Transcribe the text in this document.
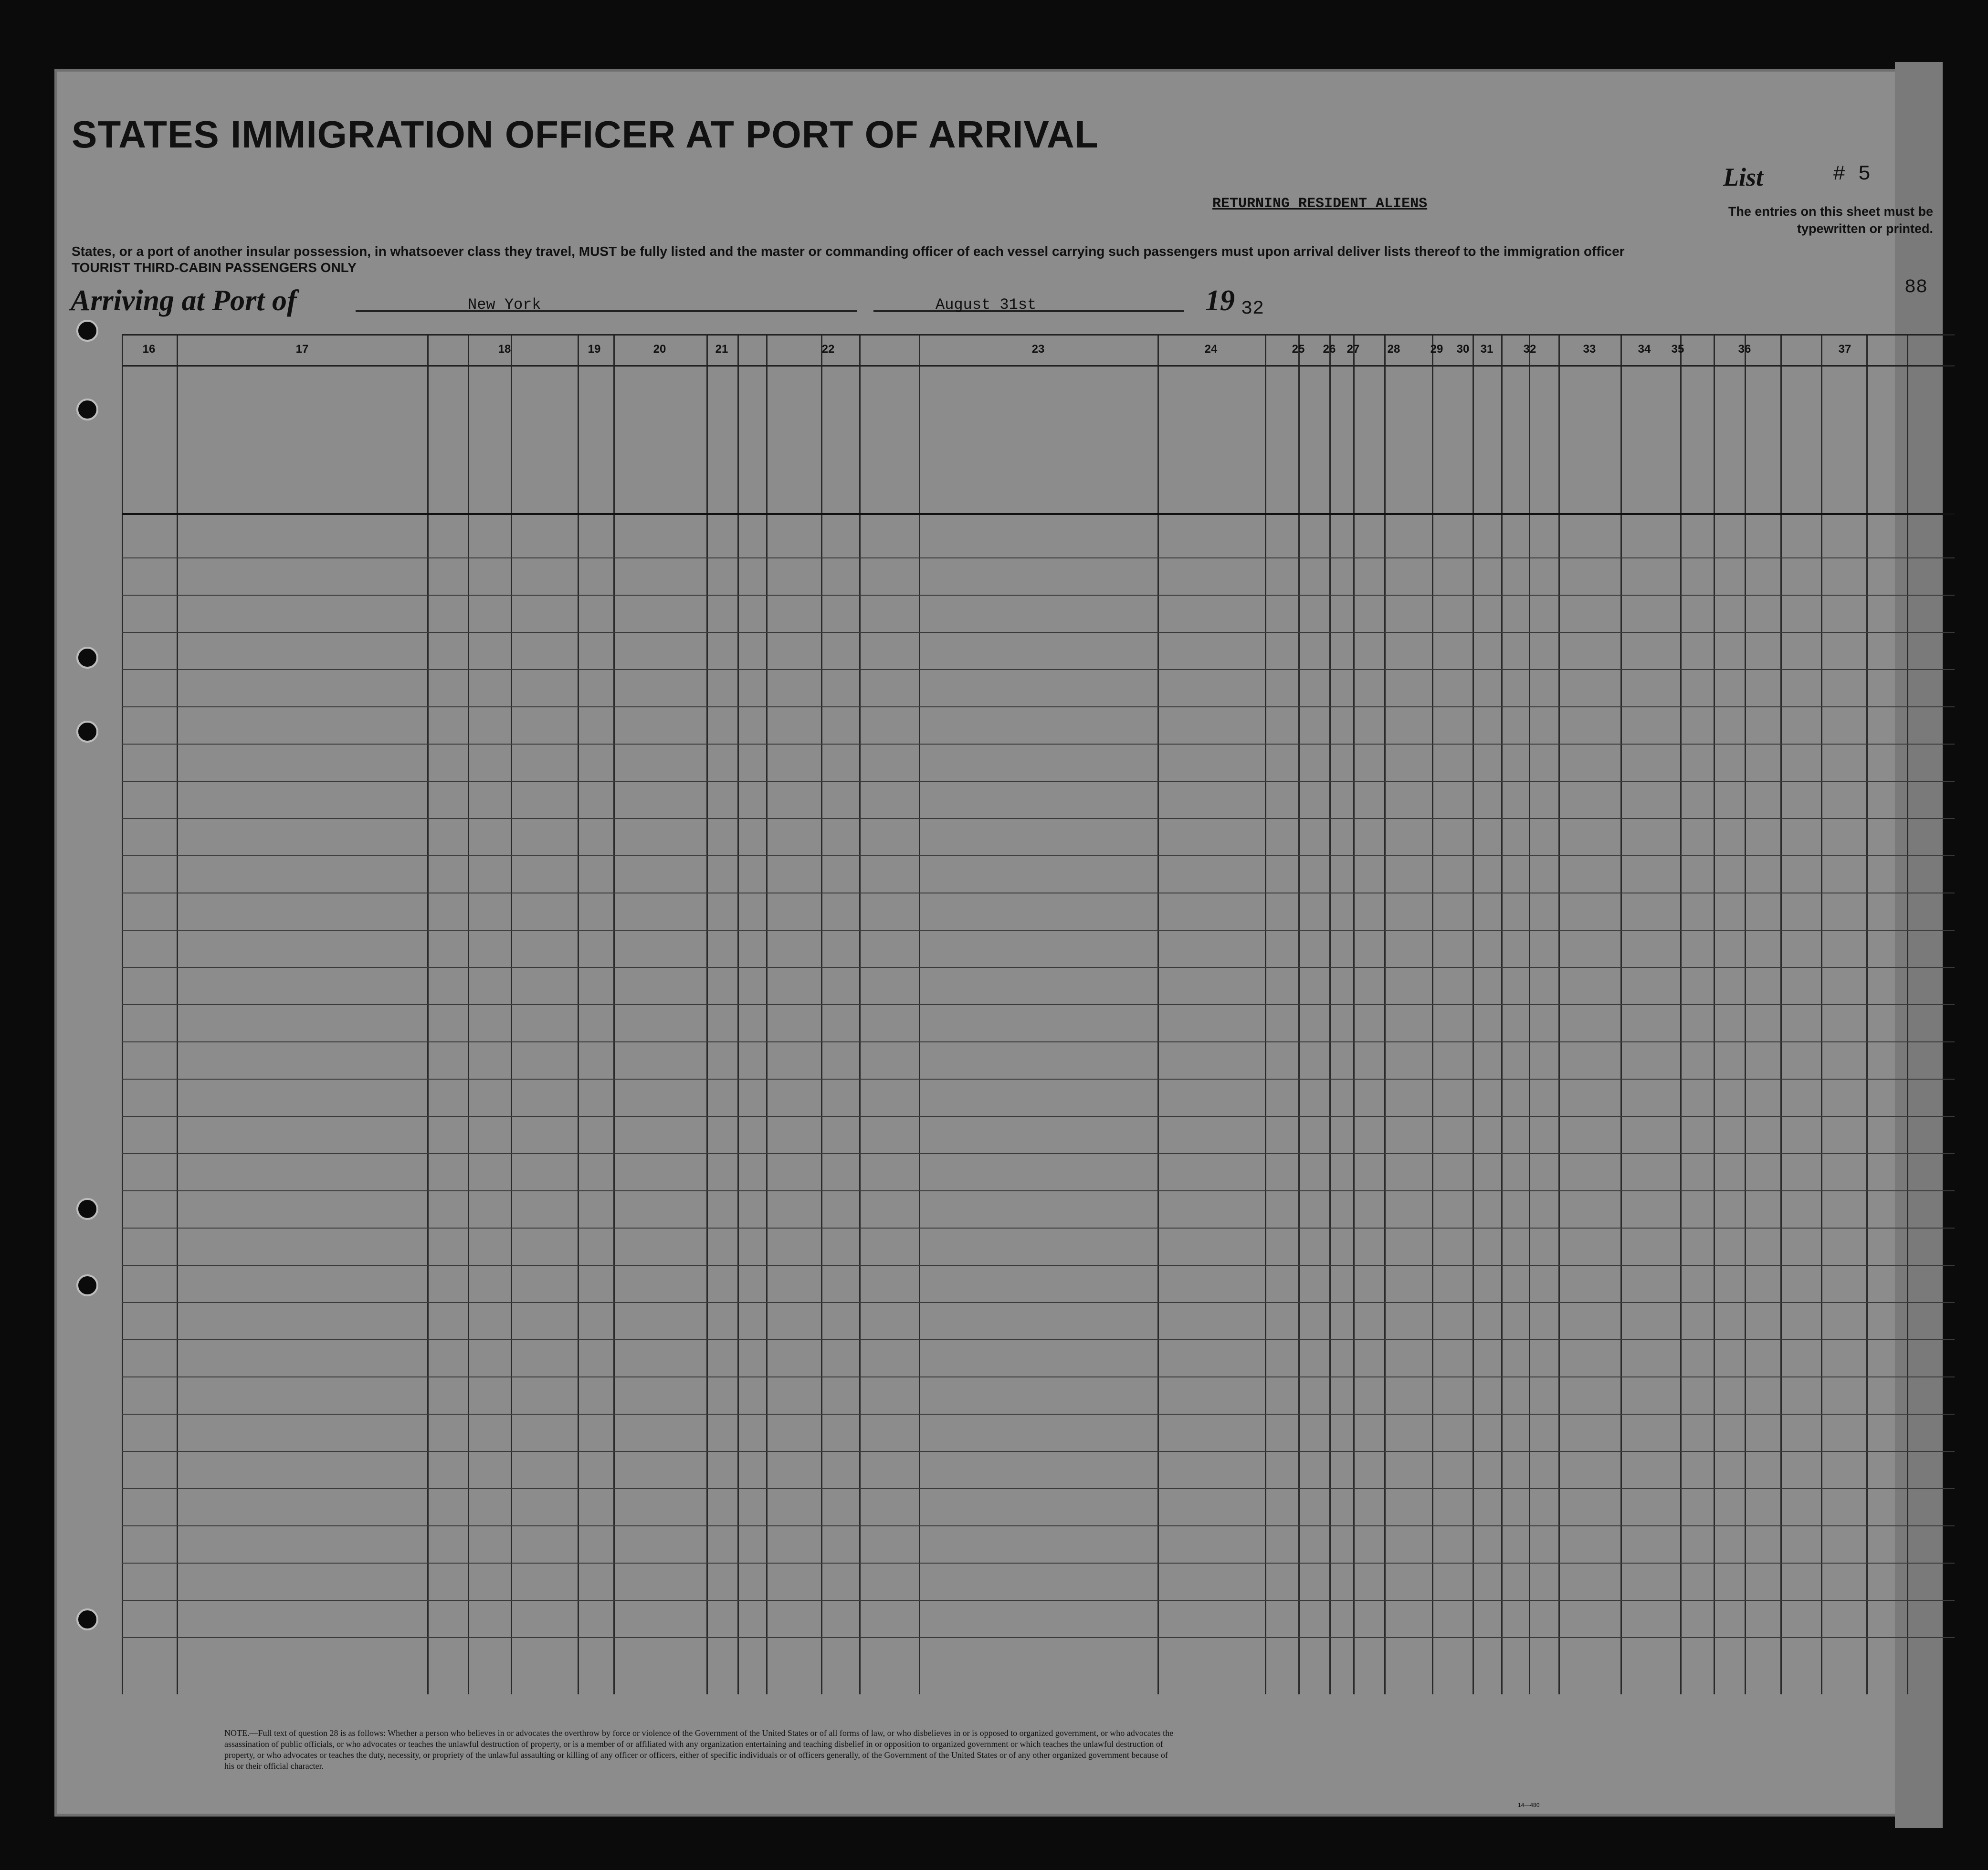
STATES IMMIGRATION OFFICER AT PORT OF ARRIVAL
RETURNING RESIDENT ALIENS
List	# 5
The entries on this sheet must be typewritten or printed.
States, or a port of another insular possession, in whatsoever class they travel, MUST be fully listed and the master or commanding officer of each vessel carrying such passengers must upon arrival deliver lists thereof to the immigration officer
TOURIST THIRD-CABIN PASSENGERS ONLY
Arriving at Port of	New York	August 31st	19 32
88
16	17	18	19	20	21	22	23	24	25	26 27	28	29	30 31	32	33	34	35	36	37
NOTE.—Full text of question 28 is as follows: Whether a person who believes in or advocates the overthrow by force or violence of the Government of the United States or of all forms of law, or who disbelieves in or is opposed to organized government, or who advocates the assassination of public officials, or who advocates or teaches the unlawful destruction of property, or is a member of or affiliated with any organization entertaining and teaching disbelief in or opposition to organized government or which teaches the unlawful destruction of property, or who advocates or teaches the duty, necessity, or propriety of the unlawful assaulting or killing of any officer or officers, either of specific individuals or of officers generally, of the Government of the United States or of any other organized government because of his or their official character.
14—480
